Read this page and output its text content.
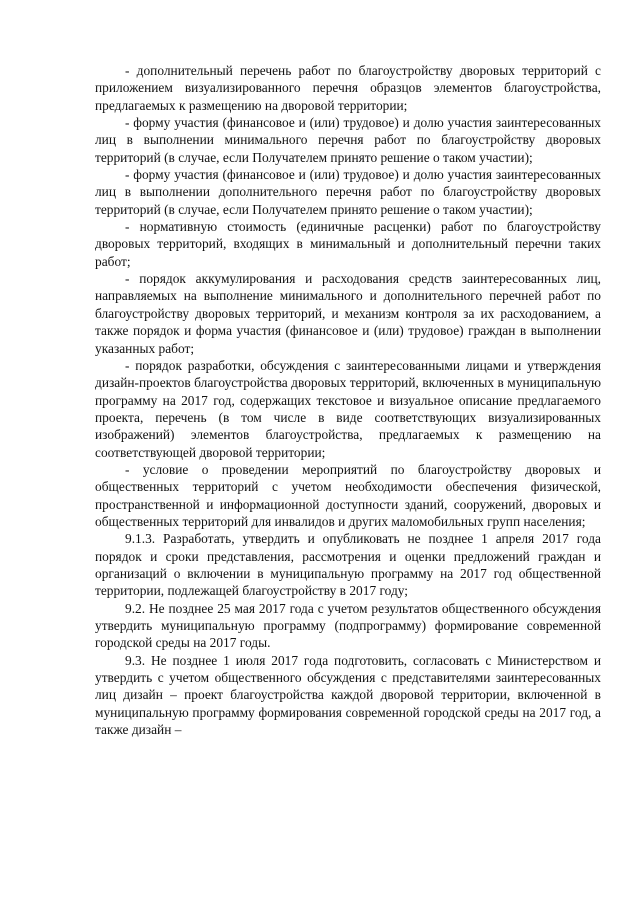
- дополнительный перечень работ по благоустройству дворовых территорий с приложением визуализированного перечня образцов элементов благоустройства, предлагаемых к размещению на дворовой территории;

- форму участия (финансовое и (или) трудовое) и долю участия заинтересованных лиц в выполнении минимального перечня работ по благоустройству дворовых территорий (в случае, если Получателем принято решение о таком участии);

- форму участия (финансовое и (или) трудовое) и долю участия заинтересованных лиц в выполнении дополнительного перечня работ по благоустройству дворовых территорий (в случае, если Получателем принято решение о таком участии);

- нормативную стоимость (единичные расценки) работ по благоустройству дворовых территорий, входящих в минимальный и дополнительный перечни таких работ;

- порядок аккумулирования и расходования средств заинтересованных лиц, направляемых на выполнение минимального и дополнительного перечней работ по благоустройству дворовых территорий, и механизм контроля за их расходованием, а также порядок и форма участия (финансовое и (или) трудовое) граждан в выполнении указанных работ;

- порядок разработки, обсуждения с заинтересованными лицами и утверждения дизайн-проектов благоустройства дворовых территорий, включенных в муниципальную программу на 2017 год, содержащих текстовое и визуальное описание предлагаемого проекта, перечень (в том числе в виде соответствующих визуализированных изображений) элементов благоустройства, предлагаемых к размещению на соответствующей дворовой территории;

- условие о проведении мероприятий по благоустройству дворовых и общественных территорий с учетом необходимости обеспечения физической, пространственной и информационной доступности зданий, сооружений, дворовых и общественных территорий для инвалидов и других маломобильных групп населения;

9.1.3. Разработать, утвердить и опубликовать не позднее 1 апреля 2017 года порядок и сроки представления, рассмотрения и оценки предложений граждан и организаций о включении в муниципальную программу на 2017 год общественной территории, подлежащей благоустройству в 2017 году;

9.2. Не позднее 25 мая 2017 года с учетом результатов общественного обсуждения утвердить муниципальную программу (подпрограмму) формирование современной городской среды на 2017 годы.

9.3. Не позднее 1 июля 2017 года подготовить, согласовать с Министерством и утвердить с учетом общественного обсуждения с представителями заинтересованных лиц дизайн – проект благоустройства каждой дворовой территории, включенной в муниципальную программу формирования современной городской среды на 2017 год, а также дизайн –
